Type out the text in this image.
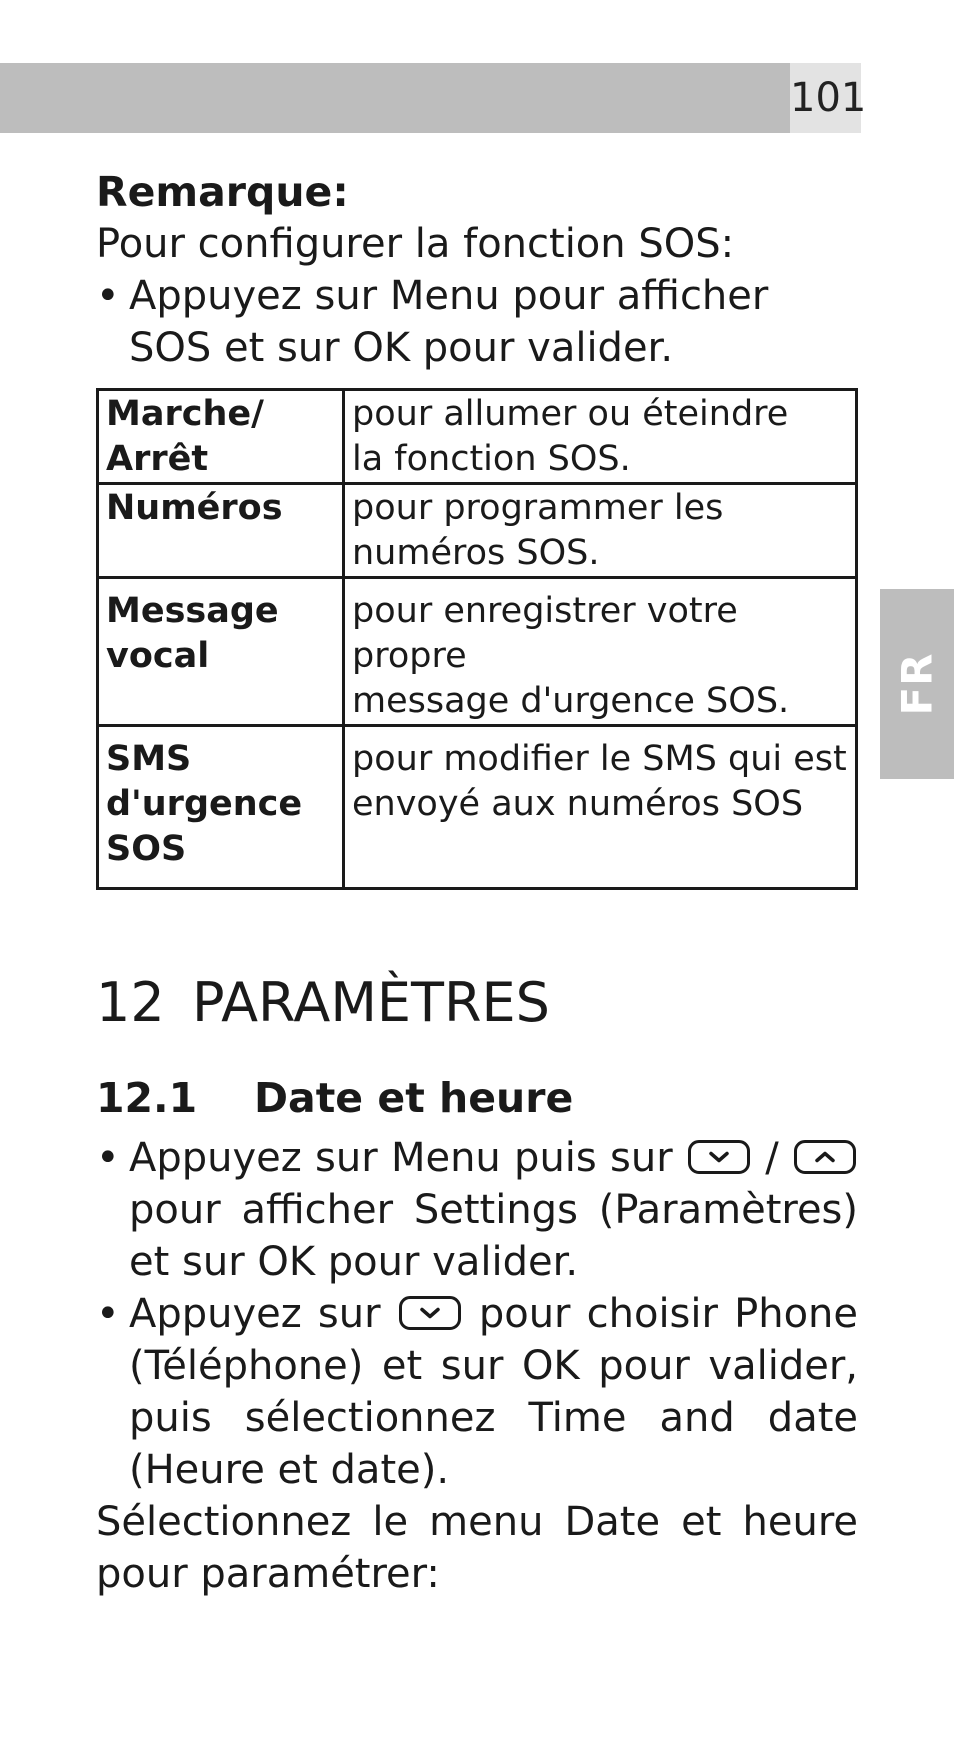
101
FR

Remarque:

Pour configurer la fonction SOS:

• Appuyez sur Menu pour afficher SOS et sur OK pour valider.
Marche/
Arrêt	pour allumer ou éteindre
la fonction SOS.
Numéros	pour programmer les
numéros SOS.
Message
vocal	pour enregistrer votre propre
message d'urgence SOS.
SMS
d'urgence
SOS	pour modifier le SMS qui est
envoyé aux numéros SOS
12 PARAMÈTRES
12.1 Date et heure
• Appuyez sur Menu puis sur /
pour afficher Settings (Paramètres) et sur OK pour valider.
• Appuyez sur pour choisir Phone (Téléphone) et sur OK pour valider, puis sélectionnez Time and date (Heure et date).

Sélectionnez le menu Date et heure pour paramétrer:
